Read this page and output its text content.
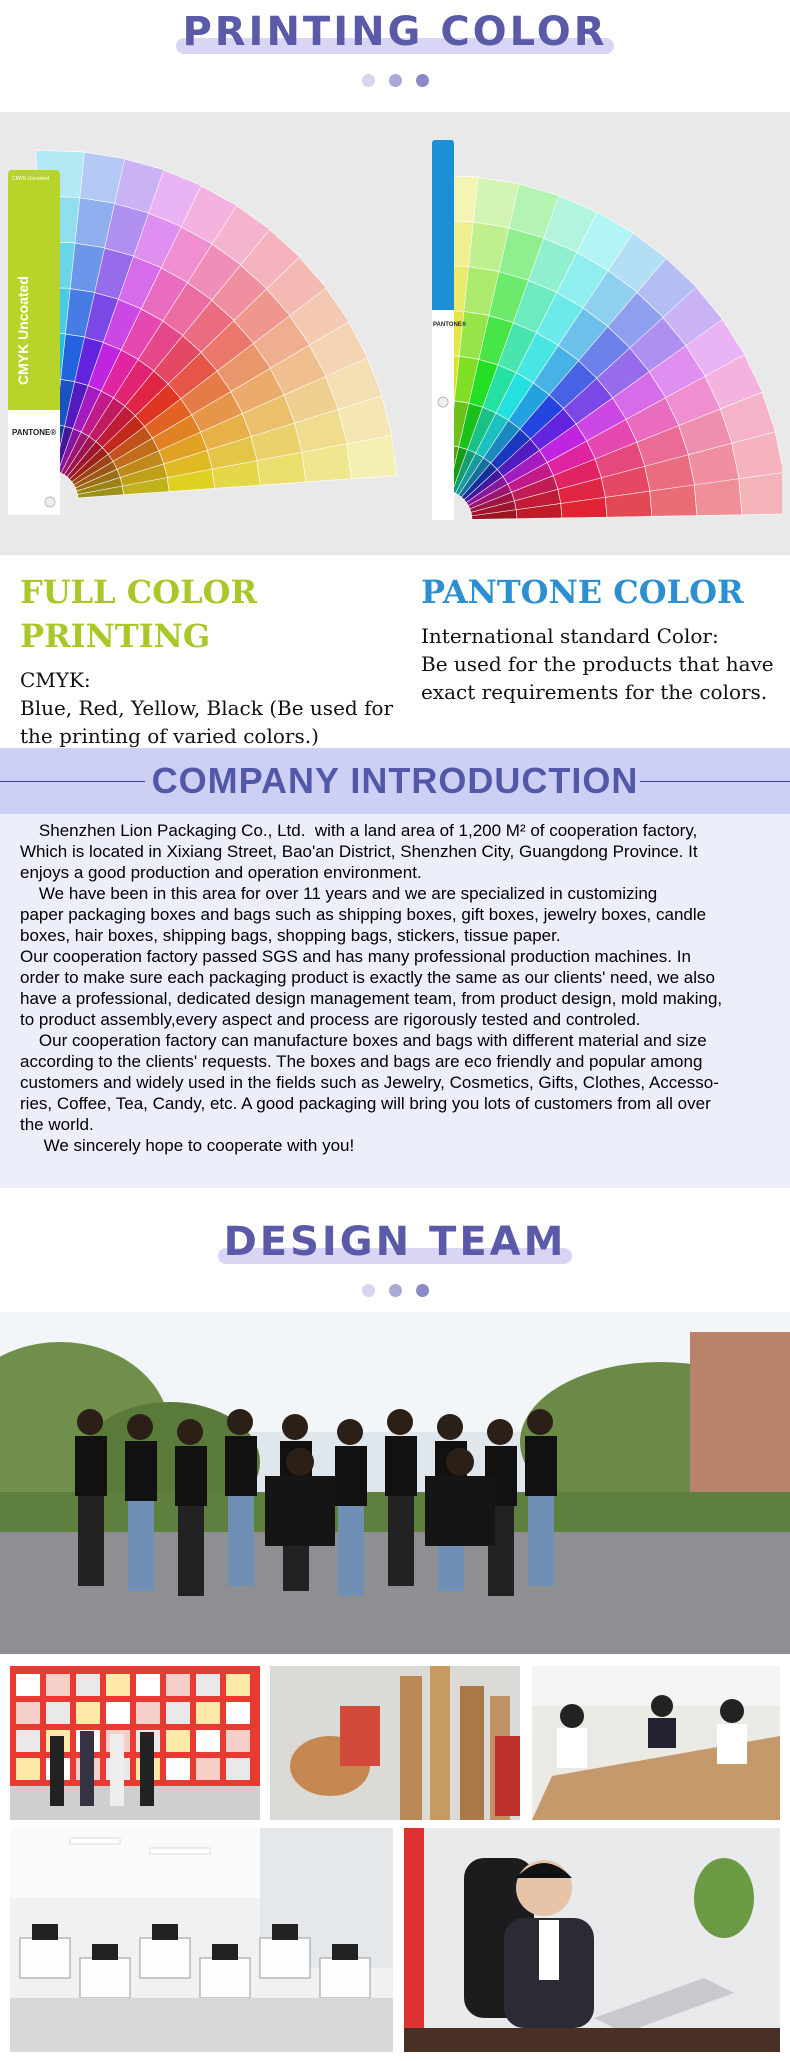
PRINTING COLOR
CMYK Uncoated
PANTONE®
CMYK Uncoated
PANTONE®
FULL COLOR PRINTING

CMYK:

Blue, Red, Yellow, Black (Be used for the printing of varied colors.)

PANTONE COLOR

International standard Color:

Be used for the products that have exact requirements for the colors.

COMPANY INTRODUCTION

Shenzhen Lion Packaging Co., Ltd.  with a land area of 1,200 M² of cooperation factory,
Which is located in Xixiang Street, Bao'an District, Shenzhen City, Guangdong Province. It
enjoys a good production and operation environment.
We have been in this area for over 11 years and we are specialized in customizing
paper packaging boxes and bags such as shipping boxes, gift boxes, jewelry boxes, candle
boxes, hair boxes, shipping bags, shopping bags, stickers, tissue paper.
Our cooperation factory passed SGS and has many professional production machines. In
order to make sure each packaging product is exactly the same as our clients' need, we also
have a professional, dedicated design management team, from product design, mold making,
to product assembly,every aspect and process are rigorously tested and controled.
Our cooperation factory can manufacture boxes and bags with different material and size
according to the clients' requests. The boxes and bags are eco friendly and popular among
customers and widely used in the fields such as Jewelry, Cosmetics, Gifts, Clothes, Accesso-
ries, Coffee, Tea, Candy, etc. A good packaging will bring you lots of customers from all over
the world.
We sincerely hope to cooperate with you!

DESIGN TEAM
